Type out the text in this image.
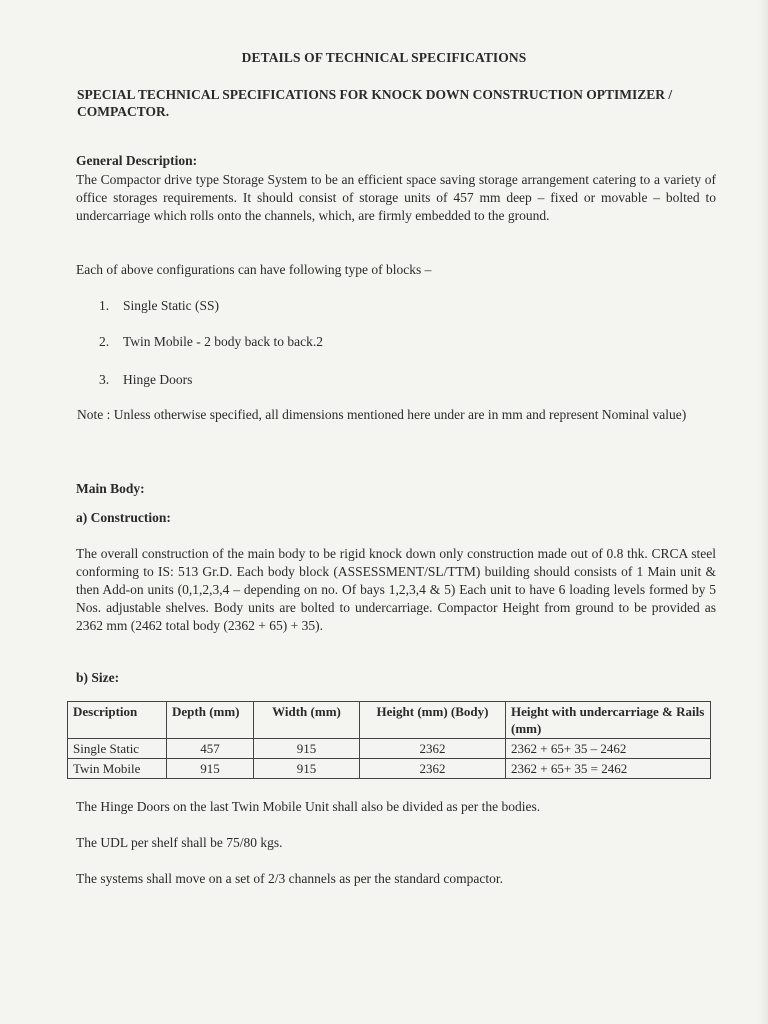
DETAILS OF TECHNICAL SPECIFICATIONS

SPECIAL TECHNICAL SPECIFICATIONS FOR KNOCK DOWN CONSTRUCTION OPTIMIZER / COMPACTOR.

General Description:

The Compactor drive type Storage System to be an efficient space saving storage arrangement catering to a variety of office storages requirements. It should consist of storage units of 457 mm deep – fixed or movable – bolted to undercarriage which rolls onto the channels, which, are firmly embedded to the ground.

Each of above configurations can have following type of blocks –

1. Single Static (SS)

2. Twin Mobile - 2 body back to back.2

3. Hinge Doors

Note : Unless otherwise specified, all dimensions mentioned here under are in mm and represent Nominal value)

Main Body:

a) Construction:

The overall construction of the main body to be rigid knock down only construction made out of 0.8 thk. CRCA steel conforming to IS: 513 Gr.D. Each body block (ASSESSMENT/SL/TTM) building should consists of 1 Main unit & then Add-on units (0,1,2,3,4 – depending on no. Of bays 1,2,3,4 & 5) Each unit to have 6 loading levels formed by 5 Nos. adjustable shelves. Body units are bolted to undercarriage. Compactor Height from ground to be provided as 2362 mm (2462 total body (2362 + 65) + 35).

b) Size:

Description	Depth (mm)	Width (mm)	Height (mm) (Body)	Height with undercarriage & Rails (mm)
Single Static	457	915	2362	2362 + 65+ 35 – 2462
Twin Mobile	915	915	2362	2362 + 65+ 35 = 2462

The Hinge Doors on the last Twin Mobile Unit shall also be divided as per the bodies.

The UDL per shelf shall be 75/80 kgs.

The systems shall move on a set of 2/3 channels as per the standard compactor.
